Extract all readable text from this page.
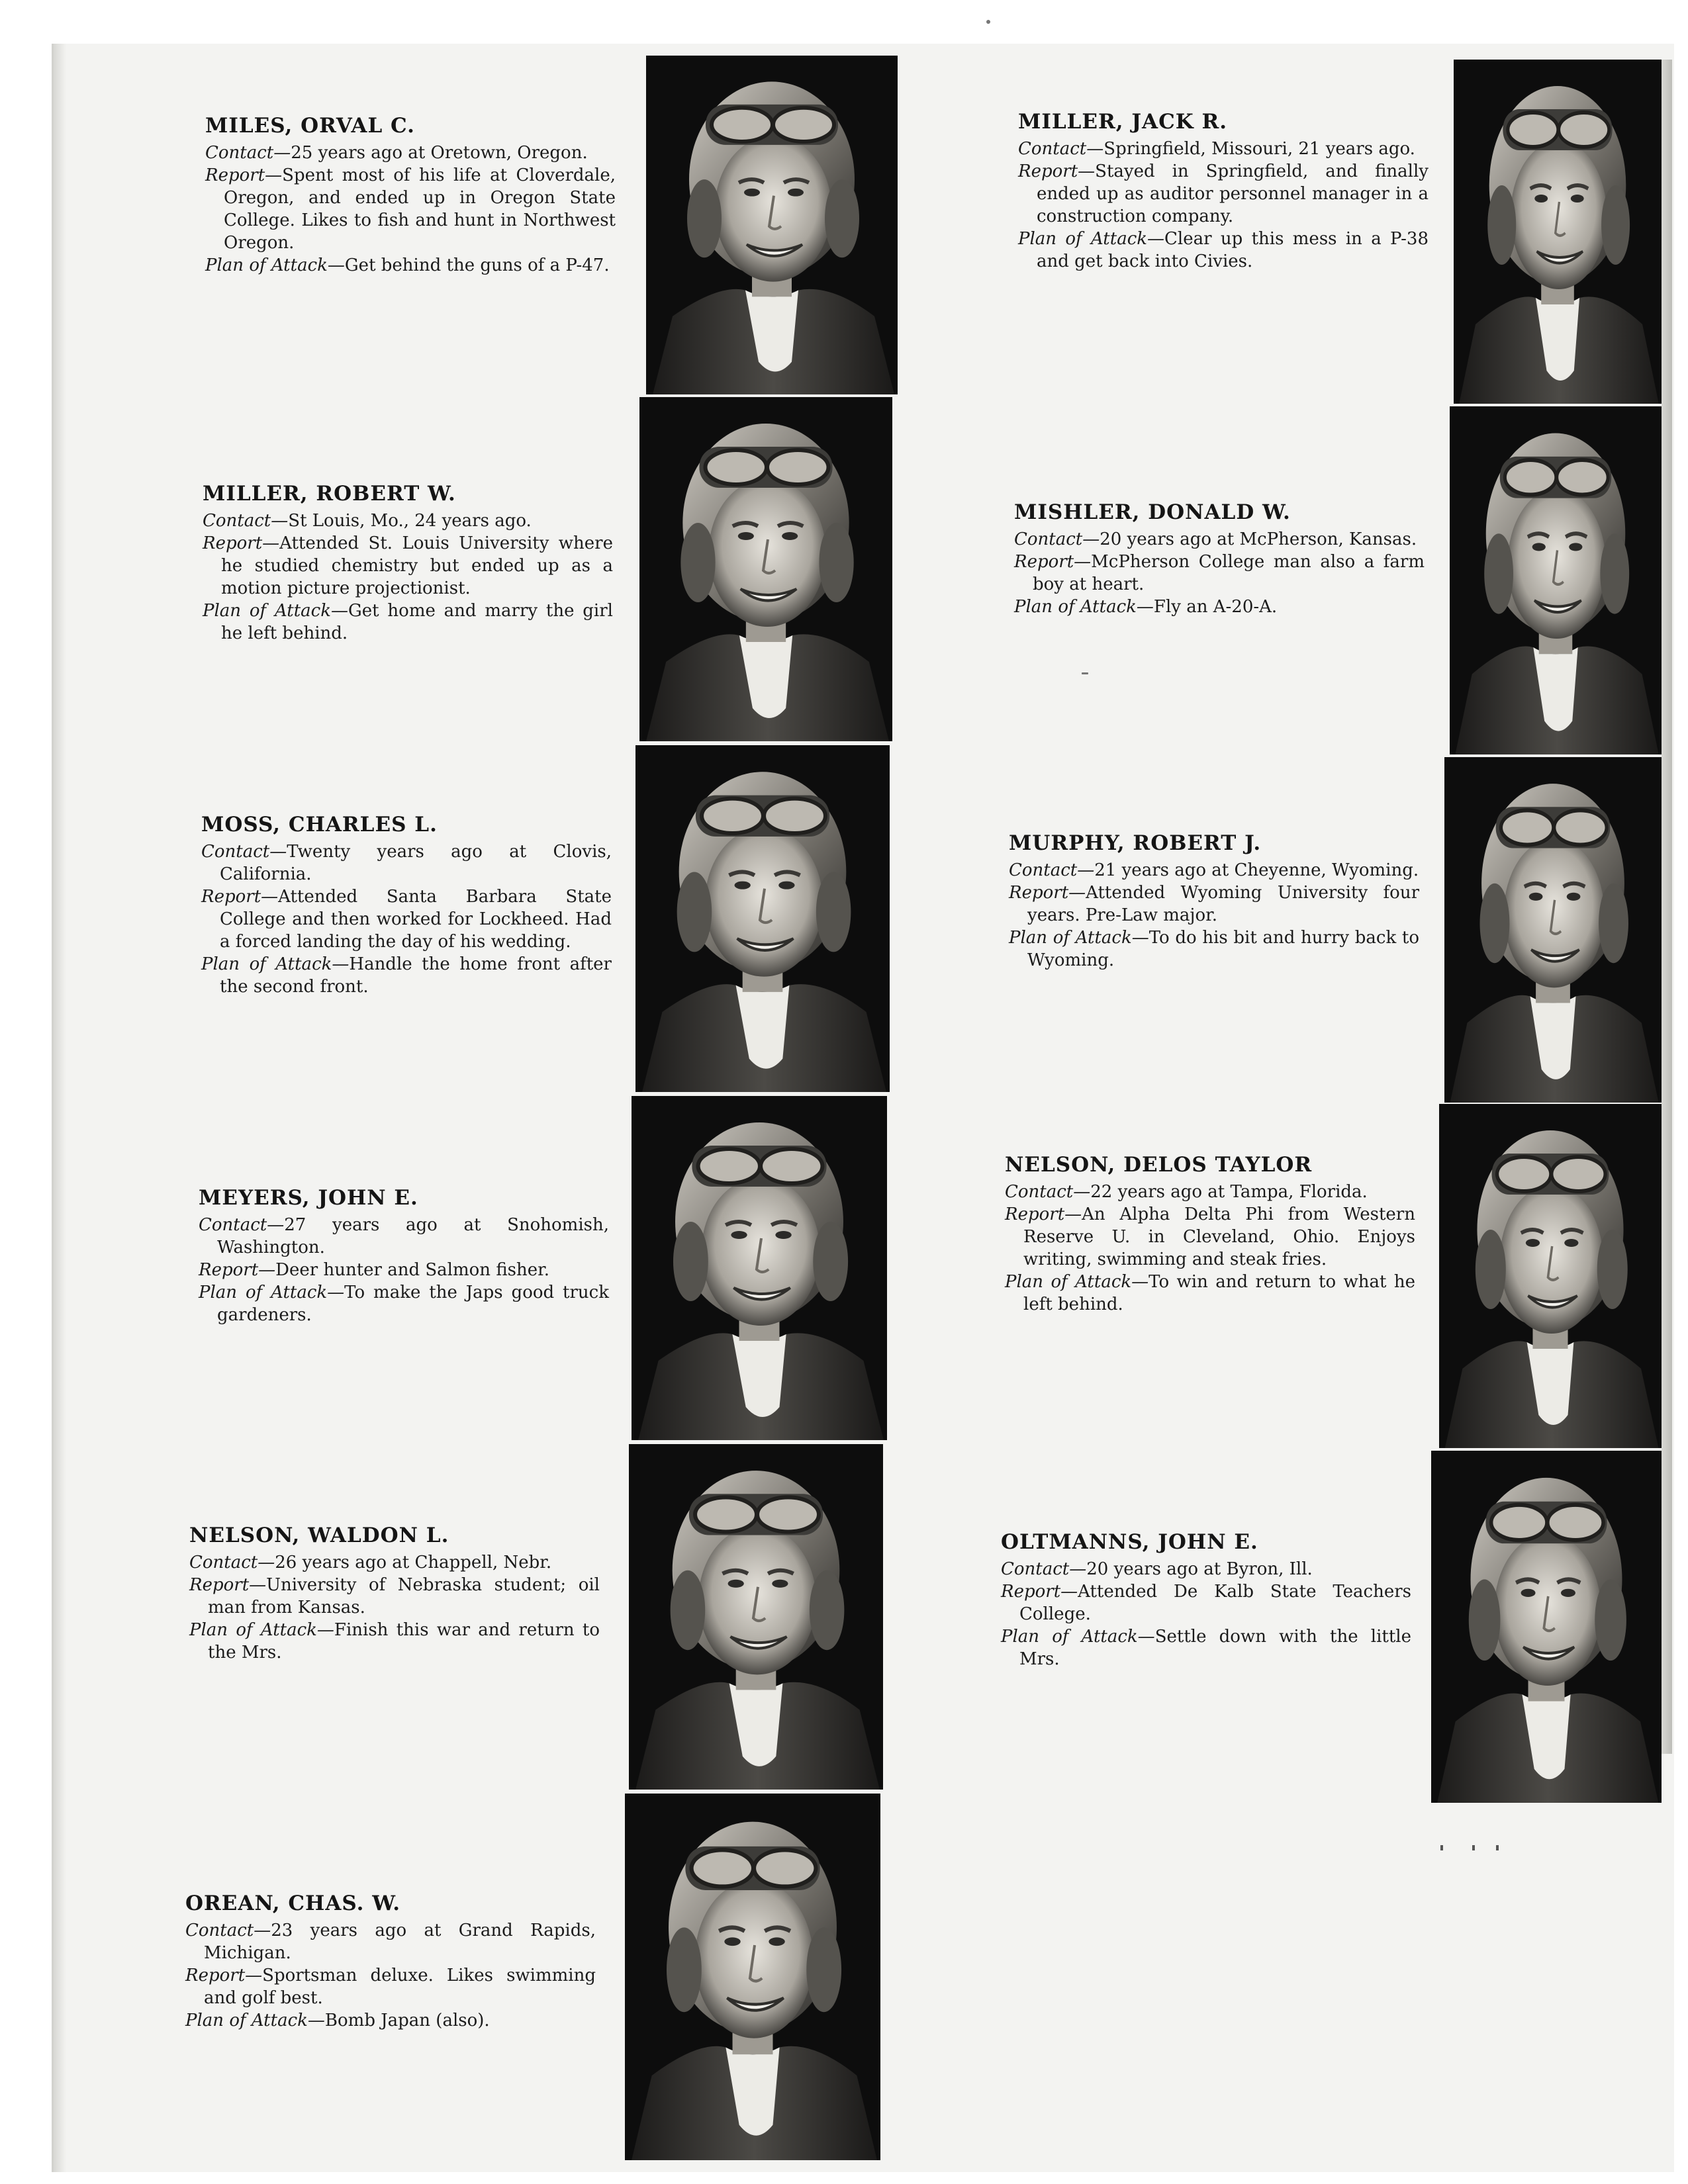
MILES, ORVAL C.
Contact—25 years ago at Oretown, Oregon.
Report—Spent most of his life at Cloverdale, Oregon, and ended up in Oregon State College. Likes to fish and hunt in Northwest Oregon.
Plan of Attack—Get behind the guns of a P-47.
MILLER, ROBERT W.
Contact—St Louis, Mo., 24 years ago.
Report—Attended St. Louis University where he studied chemistry but ended up as a motion picture projectionist.
Plan of Attack—Get home and marry the girl he left behind.
MOSS, CHARLES L.
Contact—Twenty years ago at Clovis, California.
Report—Attended Santa Barbara State College and then worked for Lockheed. Had a forced landing the day of his wedding.
Plan of Attack—Handle the home front after the second front.
MEYERS, JOHN E.
Contact—27 years ago at Snohomish, Washington.
Report—Deer hunter and Salmon fisher.
Plan of Attack—To make the Japs good truck gardeners.
NELSON, WALDON L.
Contact—26 years ago at Chappell, Nebr.
Report—University of Nebraska student; oil man from Kansas.
Plan of Attack—Finish this war and return to the Mrs.
OREAN, CHAS. W.
Contact—23 years ago at Grand Rapids, Michigan.
Report—Sportsman deluxe. Likes swimming and golf best.
Plan of Attack—Bomb Japan (also).
MILLER, JACK R.
Contact—Springfield, Missouri, 21 years ago.
Report—Stayed in Springfield, and finally ended up as auditor personnel manager in a construction company.
Plan of Attack—Clear up this mess in a P-38 and get back into Civies.
MISHLER, DONALD W.
Contact—20 years ago at McPherson, Kansas.
Report—McPherson College man also a farm boy at heart.
Plan of Attack—Fly an A-20-A.
MURPHY, ROBERT J.
Contact—21 years ago at Cheyenne, Wyoming.
Report—Attended Wyoming University four years. Pre-Law major.
Plan of Attack—To do his bit and hurry back to Wyoming.
NELSON, DELOS TAYLOR
Contact—22 years ago at Tampa, Florida.
Report—An Alpha Delta Phi from Western Reserve U. in Cleveland, Ohio. Enjoys writing, swimming and steak fries.
Plan of Attack—To win and return to what he left behind.
OLTMANNS, JOHN E.
Contact—20 years ago at Byron, Ill.
Report—Attended De Kalb State Teachers College.
Plan of Attack—Settle down with the little Mrs.
